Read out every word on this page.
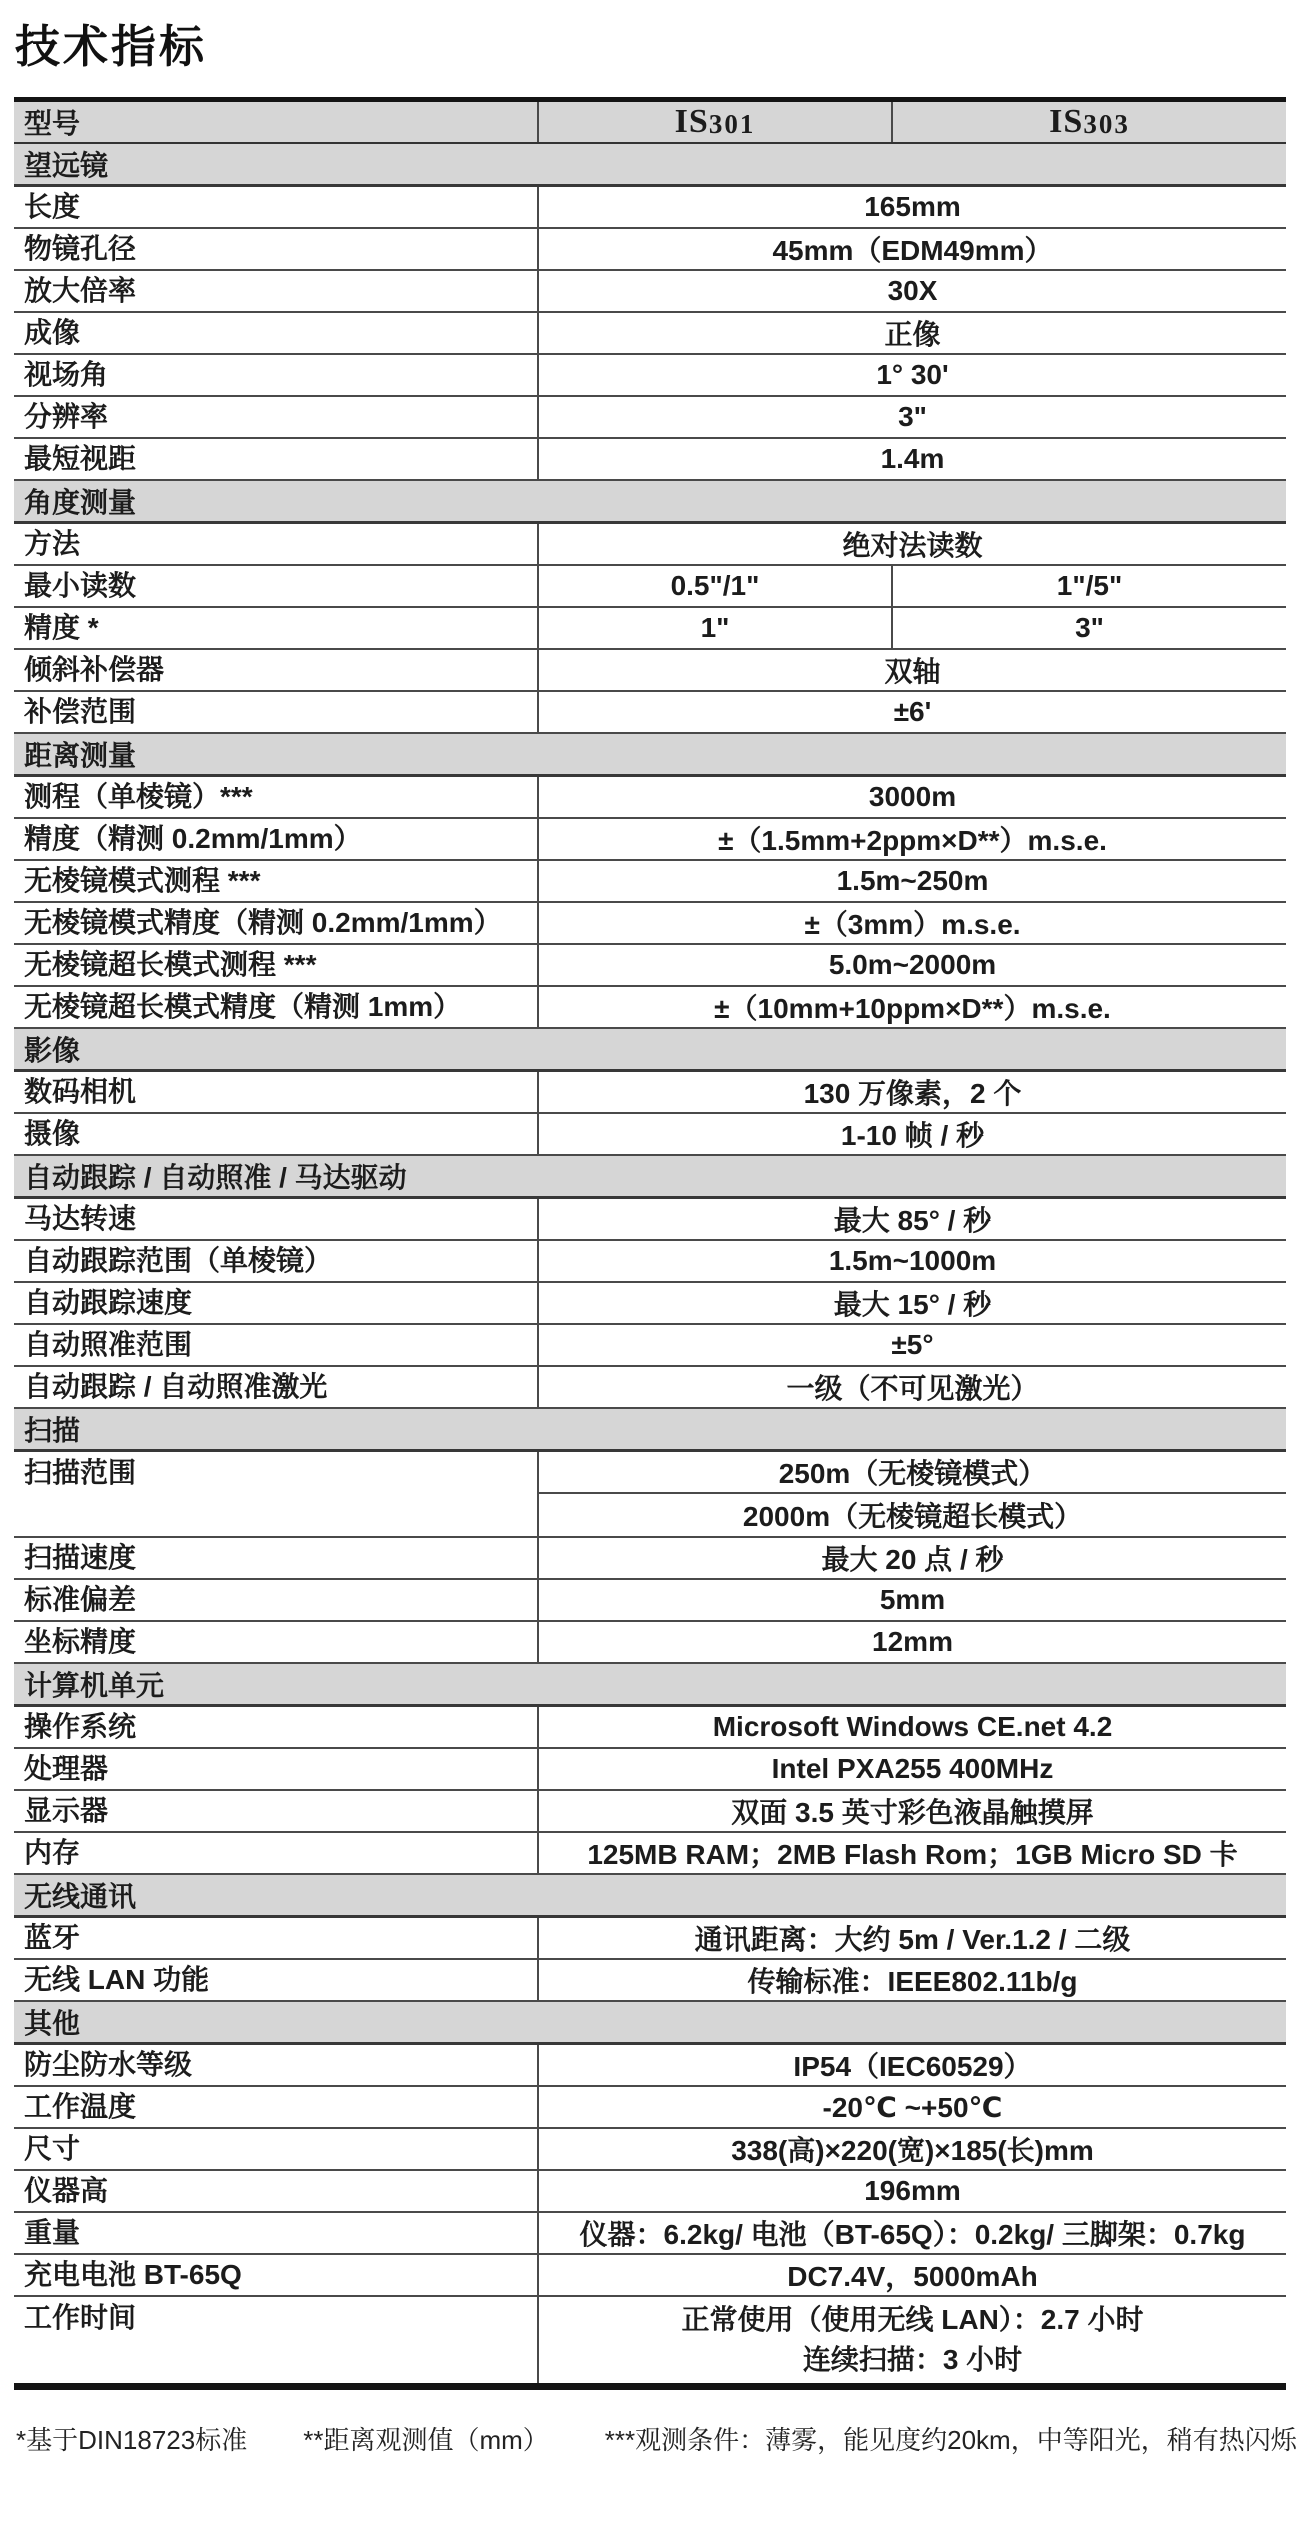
技术指标
型号	IS 301	IS 303
望远镜
长度	165mm
物镜孔径	45mm（EDM49mm）
放大倍率	30X
成像	正像
视场角	1° 30'
分辨率	3"
最短视距	1.4m
角度测量
方法	绝对法读数
最小读数	0.5"/1"	1"/5"
精度 *	1"	3"
倾斜补偿器	双轴
补偿范围	±6'
距离测量
测程（单棱镜）***	3000m
精度（精测 0.2mm/1mm）	±（1.5mm+2ppm×D**）m.s.e.
无棱镜模式测程 ***	1.5m~250m
无棱镜模式精度（精测 0.2mm/1mm）	±（3mm）m.s.e.
无棱镜超长模式测程 ***	5.0m~2000m
无棱镜超长模式精度（精测 1mm）	±（10mm+10ppm×D**）m.s.e.
影像
数码相机	130 万像素，2 个
摄像	1-10 帧 / 秒
自动跟踪 / 自动照准 / 马达驱动
马达转速	最大 85° / 秒
自动跟踪范围（单棱镜）	1.5m~1000m
自动跟踪速度	最大 15° / 秒
自动照准范围	±5°
自动跟踪 / 自动照准激光	一级（不可见激光）
扫描
扫描范围	250m（无棱镜模式）
2000m（无棱镜超长模式）
扫描速度	最大 20 点 / 秒
标准偏差	5mm
坐标精度	12mm
计算机单元
操作系统	Microsoft Windows CE.net 4.2
处理器	Intel PXA255 400MHz
显示器	双面 3.5 英寸彩色液晶触摸屏
内存	125MB RAM；2MB Flash Rom；1GB Micro SD 卡
无线通讯
蓝牙	通讯距离：大约 5m / Ver.1.2 / 二级
无线 LAN 功能	传输标准：IEEE802.11b/g
其他
防尘防水等级	IP54（IEC60529）
工作温度	-20℃ ~+50℃
尺寸	338(高)×220(宽)×185(长)mm
仪器高	196mm
重量	仪器：6.2kg/ 电池（BT-65Q）：0.2kg/ 三脚架：0.7kg
充电电池 BT-65Q	DC7.4V，5000mAh
工作时间	正常使用（使用无线 LAN）：2.7 小时
连续扫描：3 小时
*基于DIN18723标准 **距离观测值（mm） ***观测条件：薄雾，能见度约20km，中等阳光，稍有热闪烁
